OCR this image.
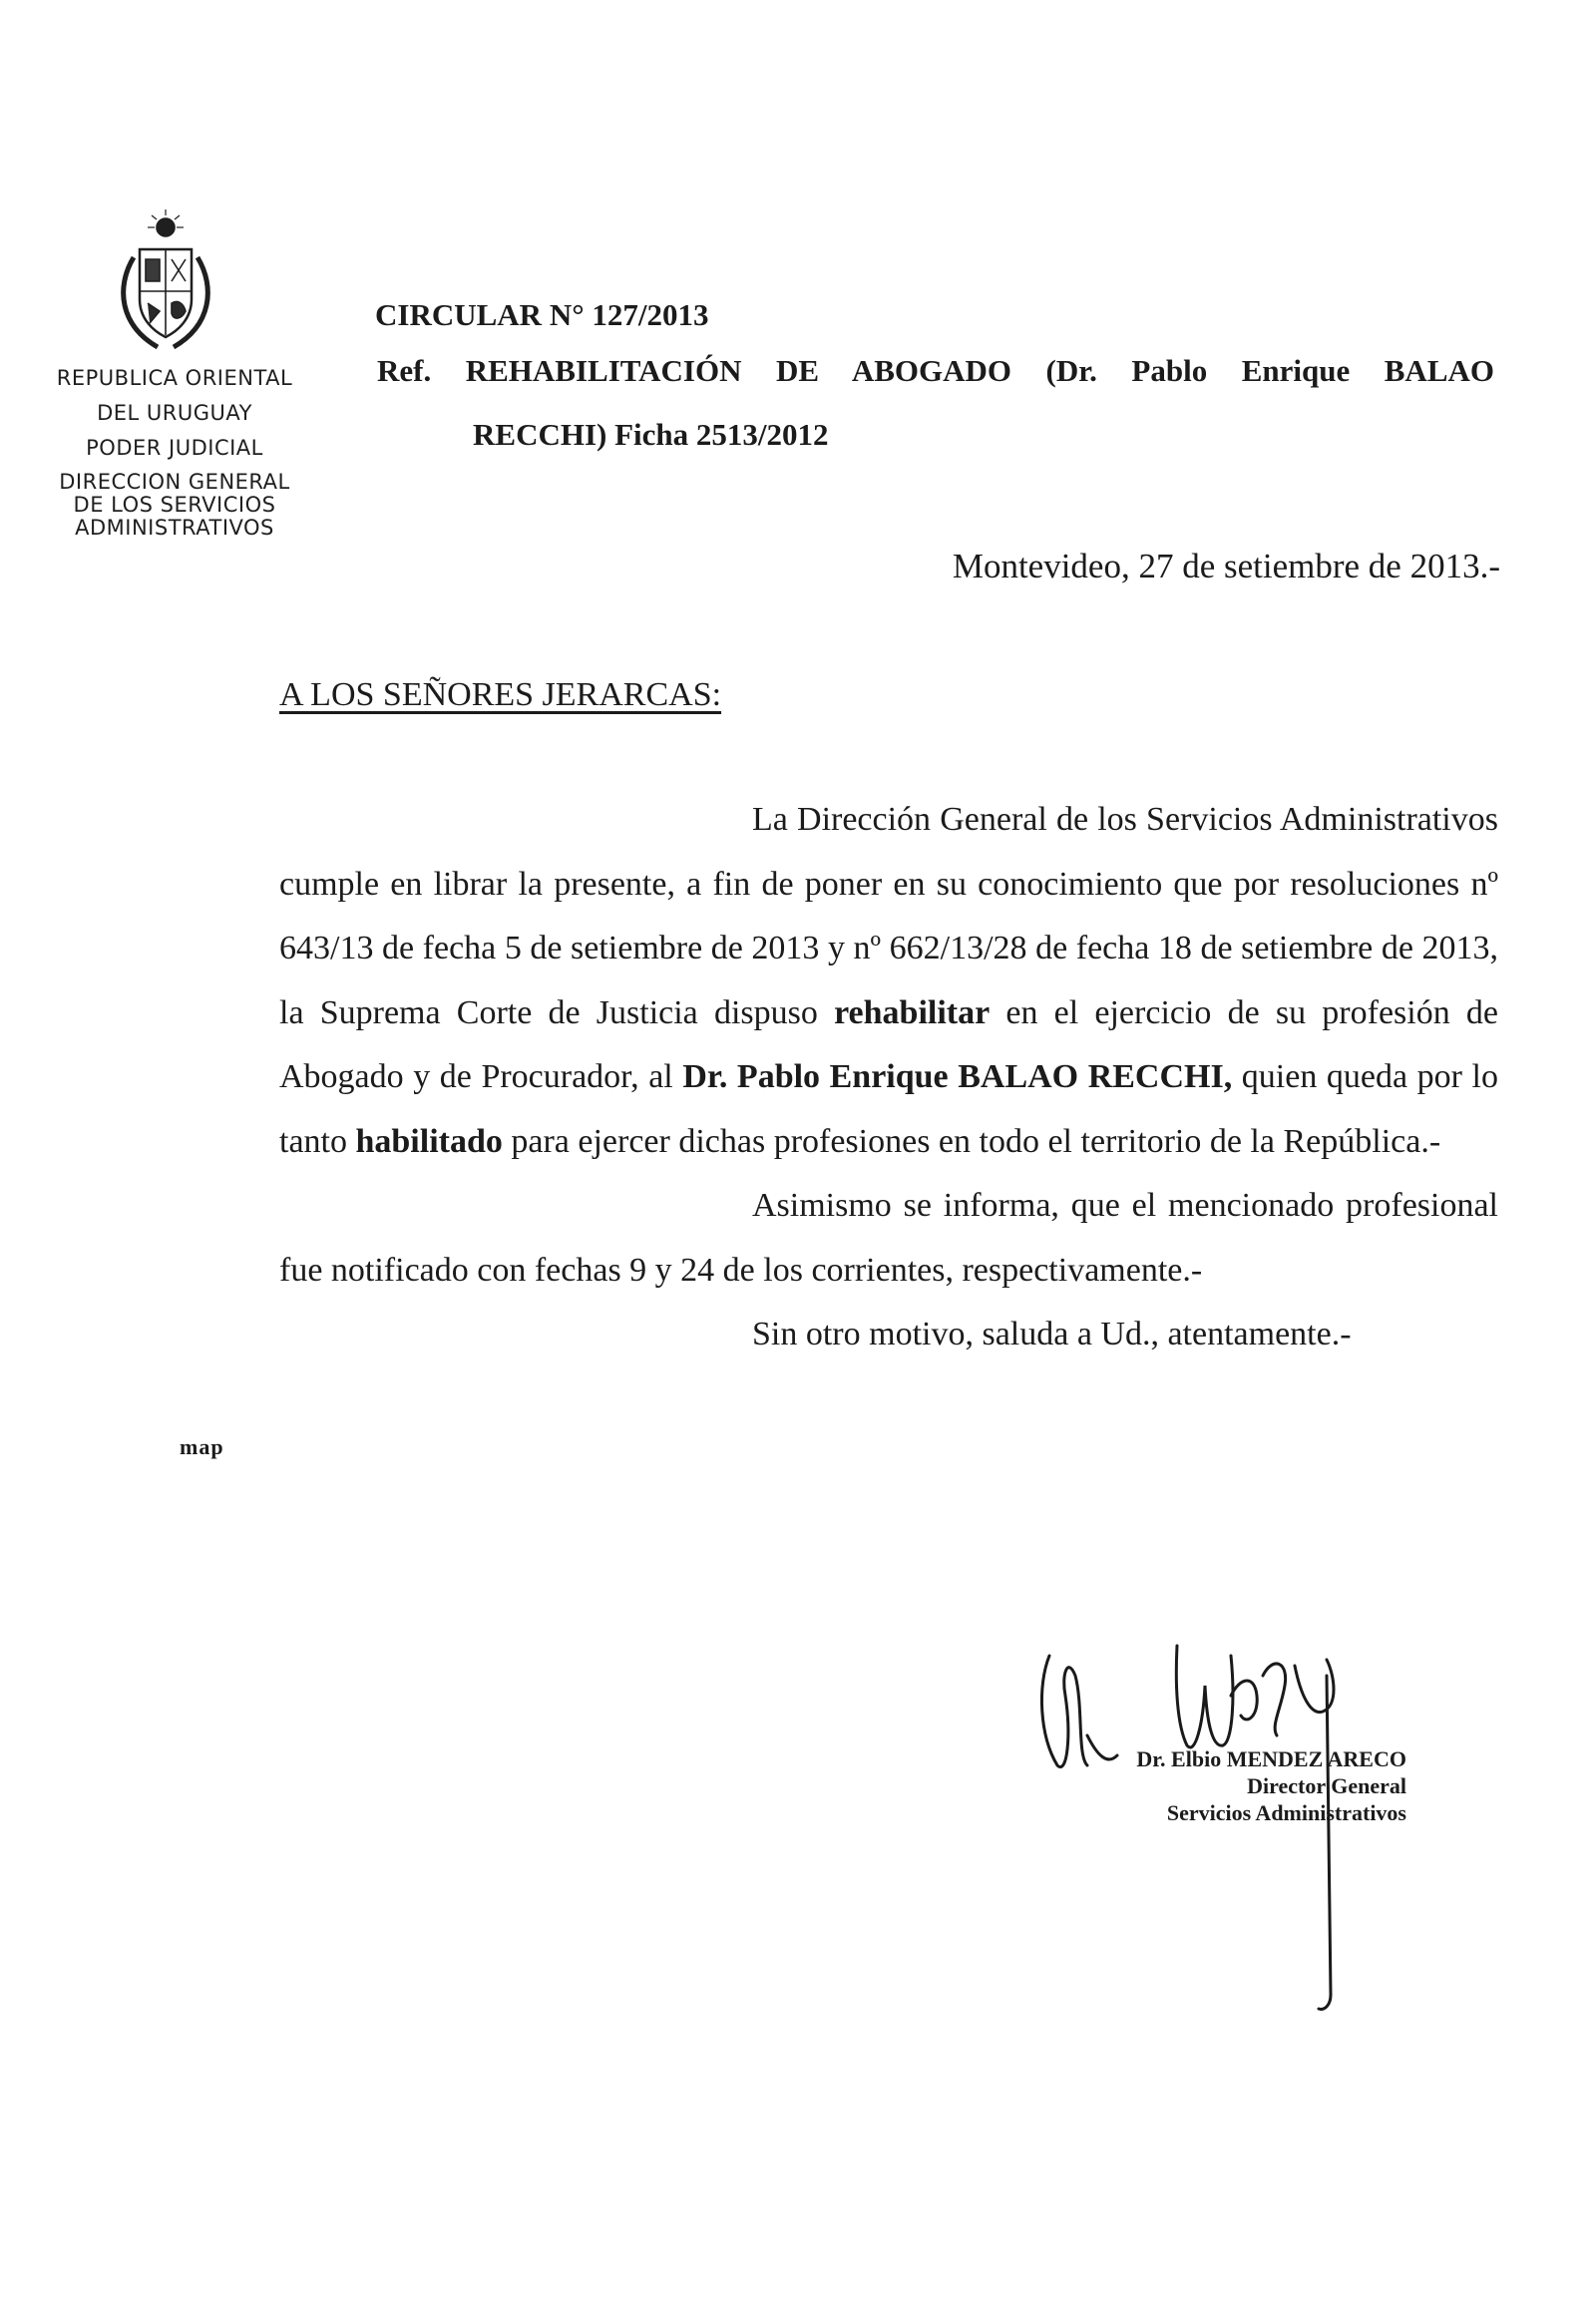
REPUBLICA ORIENTAL
DEL URUGUAY
PODER JUDICIAL
DIRECCION GENERAL
DE LOS SERVICIOS
ADMINISTRATIVOS
CIRCULAR N° 127/2013
Ref. REHABILITACIÓN DE ABOGADO (Dr. Pablo Enrique BALAO
RECCHI) Ficha 2513/2012
Montevideo, 27 de setiembre de 2013.-
A LOS SEÑORES JERARCAS:

La Dirección General de los Servicios Administrativos cumple en librar la presente, a fin de poner en su conocimiento que por resoluciones nº 643/13 de fecha 5 de setiembre de 2013 y nº 662/13/28 de fecha 18 de setiembre de 2013, la Suprema Corte de Justicia dispuso rehabilitar en el ejercicio de su profesión de Abogado y de Procurador, al Dr. Pablo Enrique BALAO RECCHI, quien queda por lo tanto habilitado para ejercer dichas profesiones en todo el territorio de la República.-

Asimismo se informa, que el mencionado profesional fue notificado con fechas 9 y 24 de los corrientes, respectivamente.-

Sin otro motivo, saluda a Ud., atentamente.-

map
Dr. Elbio MENDEZ ARECO
Director General
Servicios Administrativos
